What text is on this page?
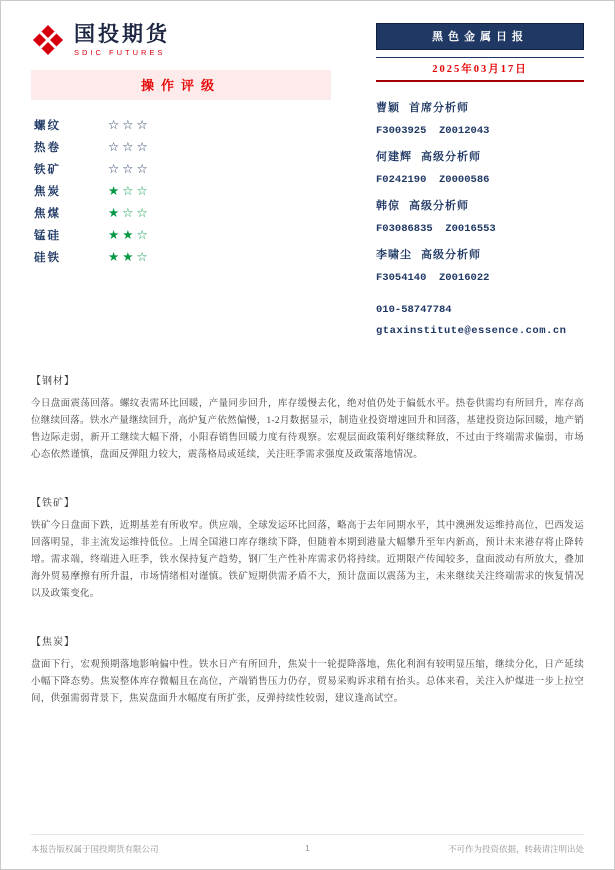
国投期货
SDIC FUTURES
操作评级
螺纹	☆☆☆
热卷	☆☆☆
铁矿	☆☆☆
焦炭	★☆☆
焦煤	★☆☆
锰硅	★★☆
硅铁	★★☆
黑色金属日报
2025年03月17日
曹颖 首席分析师
F3003925  Z0012043
何建辉 高级分析师
F0242190  Z0000586
韩倞 高级分析师
F03086835  Z0016553
李啸尘 高级分析师
F3054140  Z0016022
010-58747784
gtaxinstitute@essence.com.cn
【钢材】

今日盘面震荡回落。螺纹表需环比回暖，产量同步回升，库存缓慢去化，绝对值仍处于偏低水平。热卷供需均有所回升，库存高位继续回落。铁水产量继续回升，高炉复产依然偏慢，1-2月数据显示，制造业投资增速回升和回落，基建投资边际回暖，地产销售边际走弱，新开工继续大幅下滑，小阳春销售回暖力度有待观察。宏观层面政策利好继续释放，不过由于终端需求偏弱，市场心态依然谨慎，盘面反弹阻力较大，震荡格局或延续，关注旺季需求强度及政策落地情况。

【铁矿】

铁矿今日盘面下跌，近期基差有所收窄。供应端，全球发运环比回落，略高于去年同期水平，其中澳洲发运维持高位，巴西发运回落明显，非主流发运维持低位。上周全国港口库存继续下降，但随着本期到港量大幅攀升至年内新高，预计未来港存将止降转增。需求端，终端进入旺季，铁水保持复产趋势，钢厂生产性补库需求仍将持续。近期限产传闻较多，盘面波动有所放大，叠加海外贸易摩擦有所升温，市场情绪相对谨慎。铁矿短期供需矛盾不大，预计盘面以震荡为主，未来继续关注终端需求的恢复情况以及政策变化。

【焦炭】

盘面下行，宏观预期落地影响偏中性。铁水日产有所回升，焦炭十一轮提降落地，焦化利润有较明显压缩，继续分化，日产延续小幅下降态势。焦炭整体库存微幅且在高位，产端销售压力仍存，贸易采购诉求稍有抬头。总体来看，关注入炉煤进一步上拉空间，供强需弱背景下，焦炭盘面升水幅度有所扩张，反弹持续性较弱，建议逢高试空。

本报告版权属于国投期货有限公司	1	不可作为投资依据，转载请注明出处
